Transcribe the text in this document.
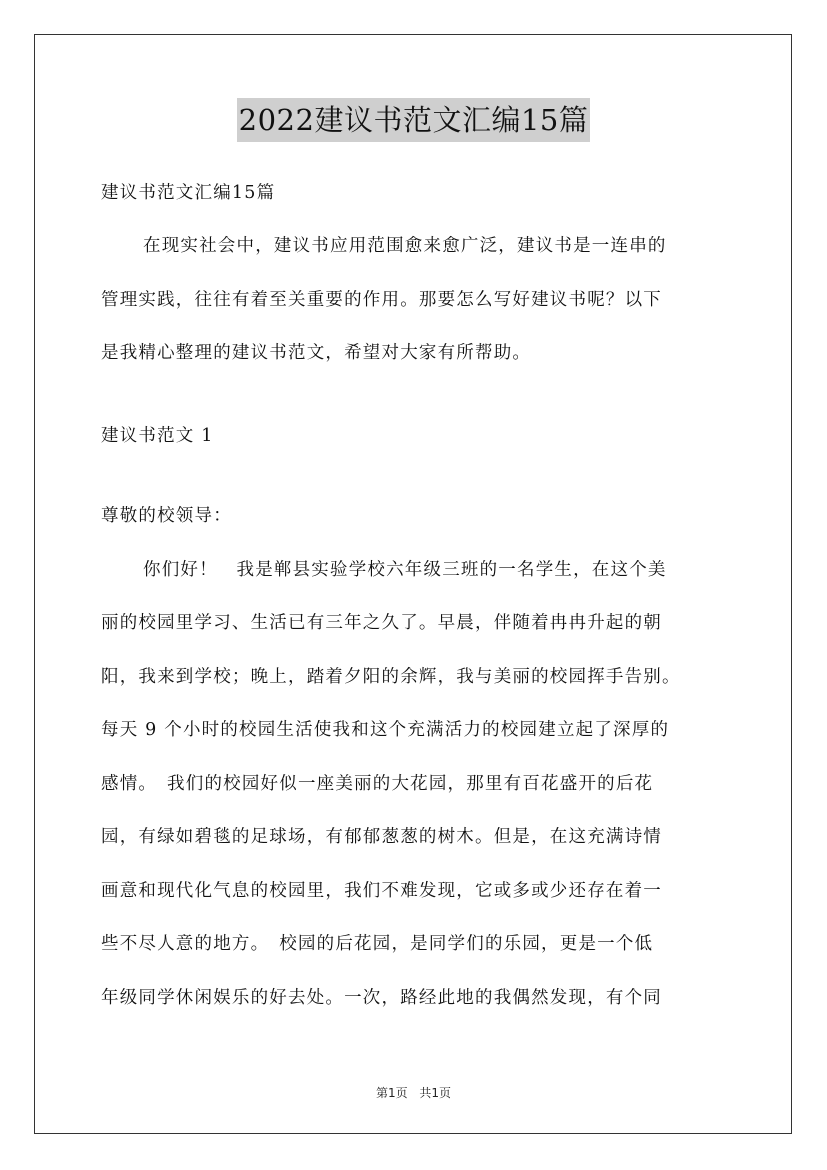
2022建议书范文汇编15篇
建议书范文汇编15篇
在现实社会中，建议书应用范围愈来愈广泛，建议书是一连串的
管理实践，往往有着至关重要的作用。那要怎么写好建议书呢？以下
是我精心整理的建议书范文，希望对大家有所帮助。
建议书范文 1
尊敬的校领导：
你们好！　我是郸县实验学校六年级三班的一名学生，在这个美
丽的校园里学习、生活已有三年之久了。早晨，伴随着冉冉升起的朝
阳，我来到学校；晚上，踏着夕阳的余辉，我与美丽的校园挥手告别。
每天 9 个小时的校园生活使我和这个充满活力的校园建立起了深厚的
感情。　我们的校园好似一座美丽的大花园，那里有百花盛开的后花
园，有绿如碧毯的足球场，有郁郁葱葱的树木。但是，在这充满诗情
画意和现代化气息的校园里，我们不难发现，它或多或少还存在着一
些不尽人意的地方。　校园的后花园，是同学们的乐园，更是一个低
年级同学休闲娱乐的好去处。一次，路经此地的我偶然发现，有个同
第1页 共1页
